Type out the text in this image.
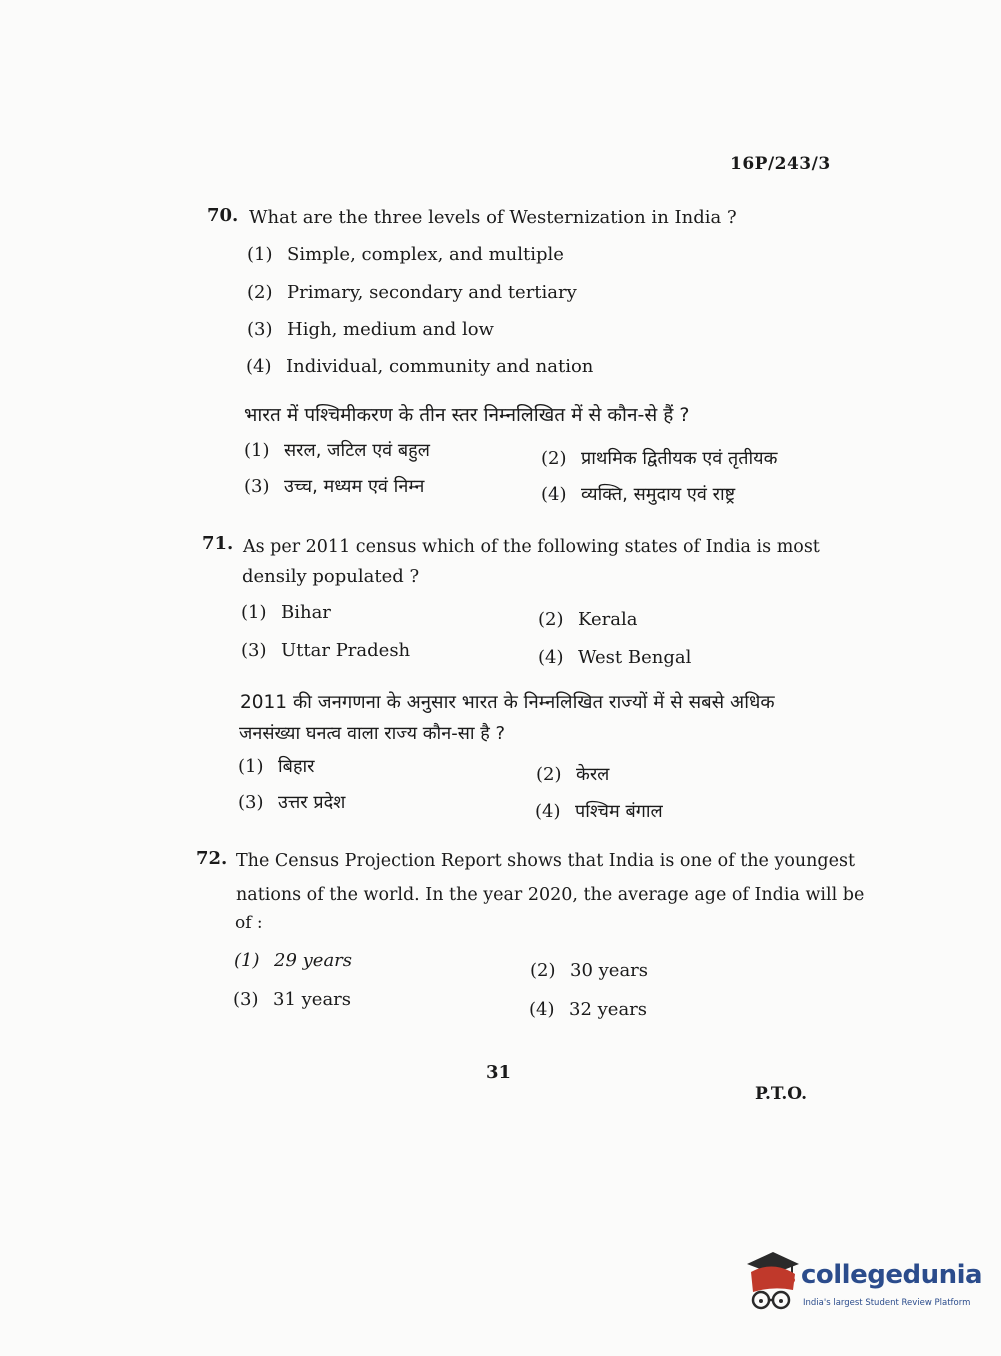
16P/243/3
70. What are the three levels of Westernization in India ?
(1) Simple, complex, and multiple
(2) Primary, secondary and tertiary
(3) High, medium and low
(4) Individual, community and nation
भारत में पश्चिमीकरण के तीन स्तर निम्नलिखित में से कौन-से हैं ?
(1) सरल, जटिल एवं बहुल	(2) प्राथमिक द्वितीयक एवं तृतीयक
(3) उच्च, मध्यम एवं निम्न	(4) व्यक्ति, समुदाय एवं राष्ट्र
71. As per 2011 census which of the following states of India is most
densily populated ?
(1) Bihar	(2) Kerala
(3) Uttar Pradesh	(4) West Bengal
2011 की जनगणना के अनुसार भारत के निम्नलिखित राज्यों में से सबसे अधिक
जनसंख्या घनत्व वाला राज्य कौन-सा है ?
(1) बिहार	(2) केरल
(3) उत्तर प्रदेश	(4) पश्चिम बंगाल
72. The Census Projection Report shows that India is one of the youngest
nations of the world. In the year 2020, the average age of India will be
of :
(1) 29 years	(2) 30 years
(3) 31 years	(4) 32 years
31
P.T.O.
collegedunia
India's largest Student Review Platform
